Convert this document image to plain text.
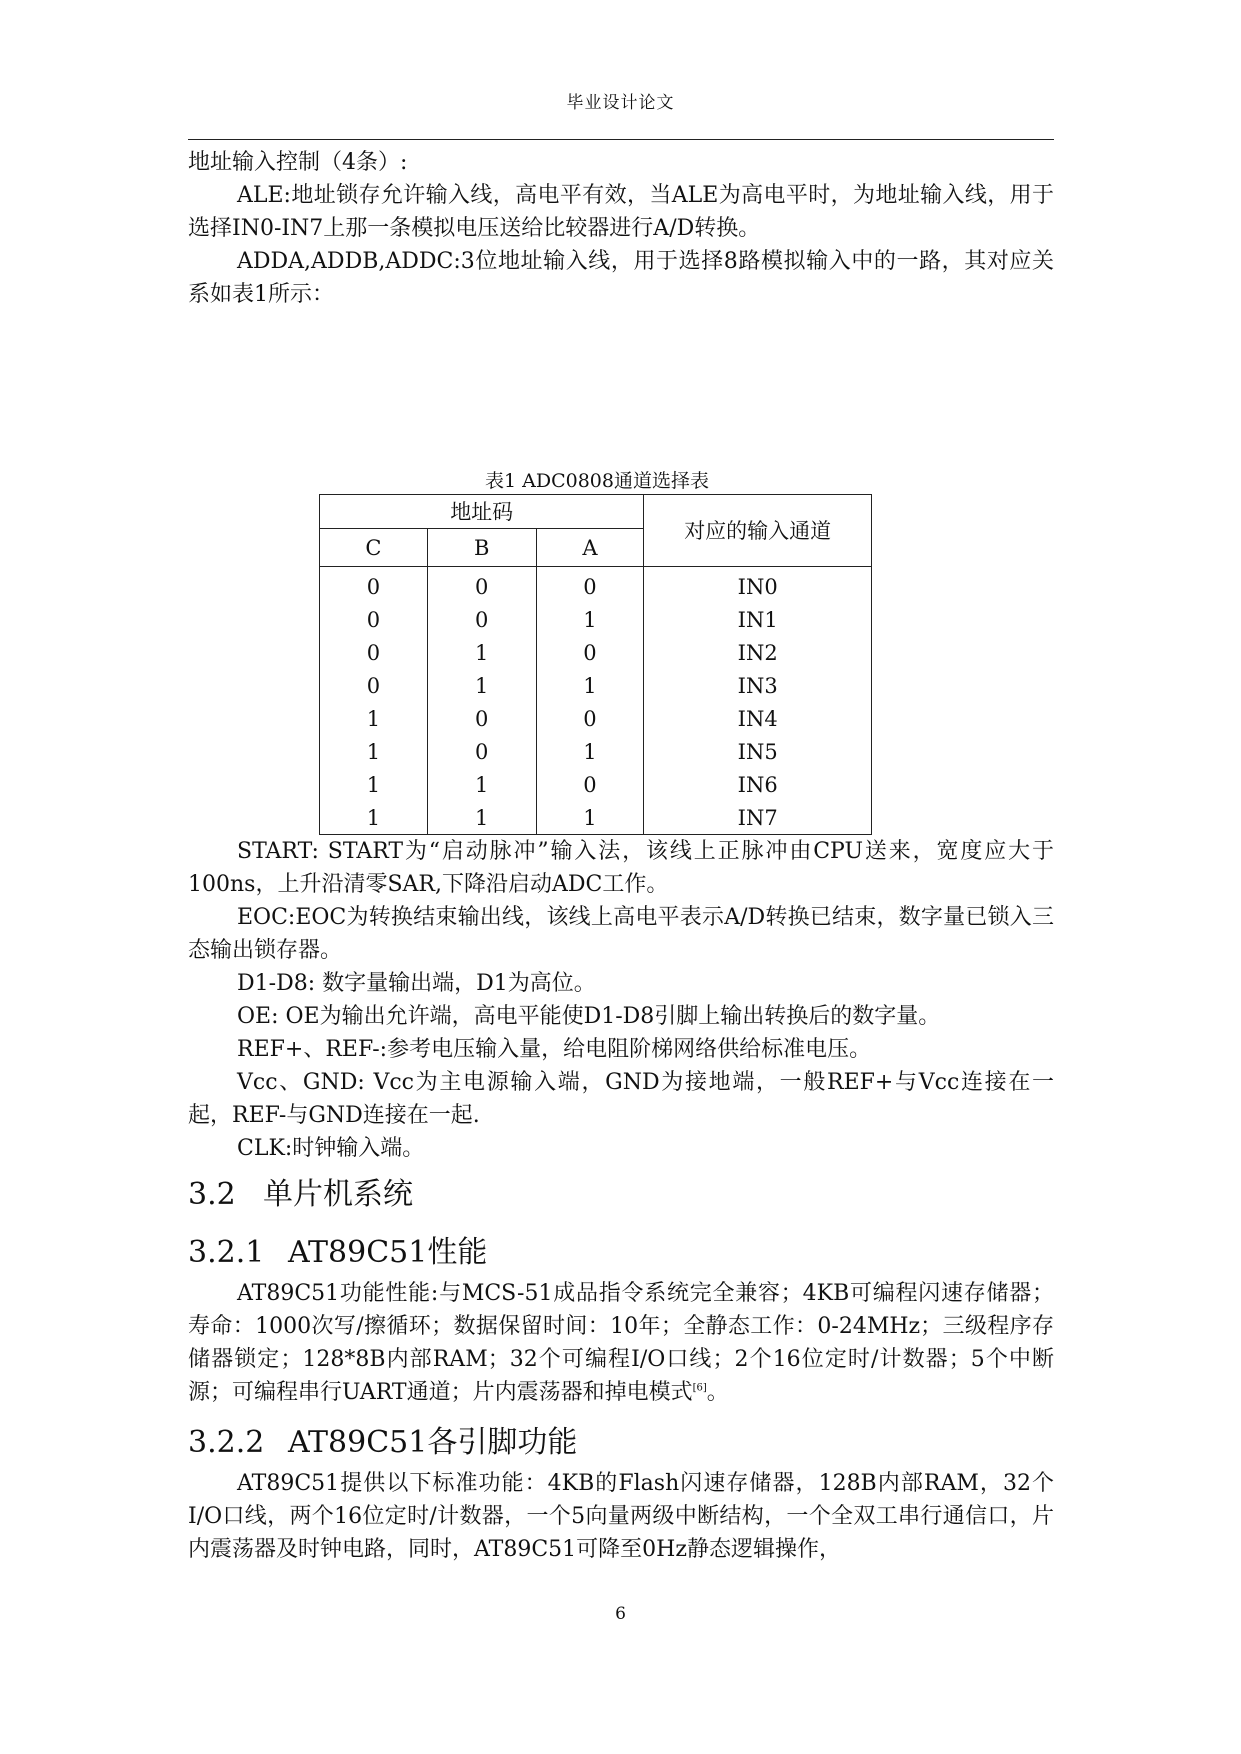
毕业设计论文

地址输入控制（4条）:

ALE:地址锁存允许输入线，高电平有效，当ALE为高电平时，为地址输入线，用于选择IN0-IN7上那一条模拟电压送给比较器进行A/D转换。

ADDA,ADDB,ADDC:3位地址输入线，用于选择8路模拟输入中的一路，其对应关系如表1所示：

表1 ADC0808通道选择表
地址码			对应的输入通道
C	B	A	
0	0	0	IN0
0	0	1	IN1
0	1	0	IN2
0	1	1	IN3
1	0	0	IN4
1	0	1	IN5
1	1	0	IN6
1	1	1	IN7

START: START为“启动脉冲”输入法，该线上正脉冲由CPU送来，宽度应大于100ns，上升沿清零SAR,下降沿启动ADC工作。

EOC:EOC为转换结束输出线，该线上高电平表示A/D转换已结束，数字量已锁入三态输出锁存器。

D1-D8: 数字量输出端，D1为高位。

OE: OE为输出允许端，高电平能使D1-D8引脚上输出转换后的数字量。

REF+、REF-:参考电压输入量，给电阻阶梯网络供给标准电压。

Vcc、GND: Vcc为主电源输入端，GND为接地端，一般REF+与Vcc连接在一起，REF-与GND连接在一起.

CLK:时钟输入端。

3.2 单片机系统
3.2.1 AT89C51性能

AT89C51功能性能:与MCS-51成品指令系统完全兼容；4KB可编程闪速存储器；寿命：1000次写/擦循环；数据保留时间：10年；全静态工作：0-24MHz；三级程序存储器锁定；128*8B内部RAM；32个可编程I/O口线；2个16位定时/计数器；5个中断源；可编程串行UART通道；片内震荡器和掉电模式[6]。

3.2.2 AT89C51各引脚功能

AT89C51提供以下标准功能：4KB的Flash闪速存储器，128B内部RAM，32个I/O口线，两个16位定时/计数器，一个5向量两级中断结构，一个全双工串行通信口，片内震荡器及时钟电路，同时，AT89C51可降至0Hz静态逻辑操作，

6
